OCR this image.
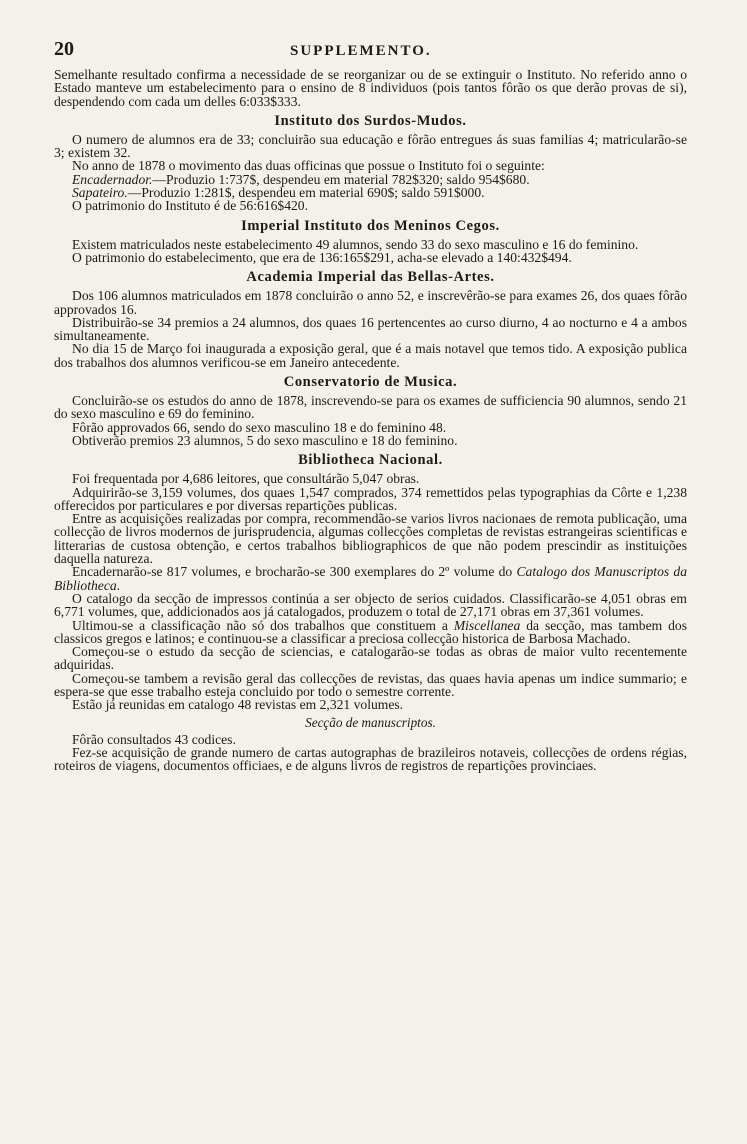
20	SUPPLEMENTO.

Semelhante resultado confirma a necessidade de se reorganizar ou de se extinguir o Instituto. No referido anno o Estado manteve um estabelecimento para o ensino de 8 individuos (pois tantos fôrão os que derão provas de si), despendendo com cada um delles 6:033$333.

Instituto dos Surdos-Mudos.

O numero de alumnos era de 33; concluirão sua educação e fôrão entregues ás suas familias 4; matricularão-se 3; existem 32.

No anno de 1878 o movimento das duas officinas que possue o Instituto foi o seguinte:

Encadernador.—Produzio 1:737$, despendeu em material 782$320; saldo 954$680.

Sapateiro.—Produzio 1:281$, despendeu em material 690$; saldo 591$000.

O patrimonio do Instituto é de 56:616$420.

Imperial Instituto dos Meninos Cegos.

Existem matriculados neste estabelecimento 49 alumnos, sendo 33 do sexo masculino e 16 do feminino.

O patrimonio do estabelecimento, que era de 136:165$291, acha-se elevado a 140:432$494.

Academia Imperial das Bellas-Artes.

Dos 106 alumnos matriculados em 1878 concluirão o anno 52, e inscrevêrão-se para exames 26, dos quaes fôrão approvados 16.

Distribuirão-se 34 premios a 24 alumnos, dos quaes 16 pertencentes ao curso diurno, 4 ao nocturno e 4 a ambos simultaneamente.

No dia 15 de Março foi inaugurada a exposição geral, que é a mais notavel que temos tido. A exposição publica dos trabalhos dos alumnos verificou-se em Janeiro antecedente.

Conservatorio de Musica.

Concluirão-se os estudos do anno de 1878, inscrevendo-se para os exames de sufficiencia 90 alumnos, sendo 21 do sexo masculino e 69 do feminino.

Fôrão approvados 66, sendo do sexo masculino 18 e do feminino 48.

Obtiverão premios 23 alumnos, 5 do sexo masculino e 18 do feminino.

Bibliotheca Nacional.

Foi frequentada por 4,686 leitores, que consultárão 5,047 obras.

Adquirirão-se 3,159 volumes, dos quaes 1,547 comprados, 374 remettidos pelas typographias da Côrte e 1,238 offerecidos por particulares e por diversas repartições publicas.

Entre as acquisições realizadas por compra, recommendão-se varios livros nacionaes de remota publicação, uma collecção de livros modernos de jurisprudencia, algumas collecções completas de revistas estrangeiras scientificas e litterarias de custosa obtenção, e certos trabalhos bibliographicos de que não podem prescindir as instituições daquella natureza.

Encadernarão-se 817 volumes, e brocharão-se 300 exemplares do 2º volume do Catalogo dos Manuscriptos da Bibliotheca.

O catalogo da secção de impressos continúa a ser objecto de serios cuidados. Classificarão-se 4,051 obras em 6,771 volumes, que, addicionados aos já catalogados, produzem o total de 27,171 obras em 37,361 volumes.

Ultimou-se a classificação não só dos trabalhos que constituem a Miscellanea da secção, mas tambem dos classicos gregos e latinos; e continuou-se a classificar a preciosa collecção historica de Barbosa Machado.

Começou-se o estudo da secção de sciencias, e catalogarão-se todas as obras de maior vulto recentemente adquiridas.

Começou-se tambem a revisão geral das collecções de revistas, das quaes havia apenas um indice summario; e espera-se que esse trabalho esteja concluido por todo o semestre corrente.

Estão já reunidas em catalogo 48 revistas em 2,321 volumes.

Secção de manuscriptos.

Fôrão consultados 43 codices.

Fez-se acquisição de grande numero de cartas autographas de brazileiros notaveis, collecções de ordens régias, roteiros de viagens, documentos officiaes, e de alguns livros de registros de repartições provinciaes.
